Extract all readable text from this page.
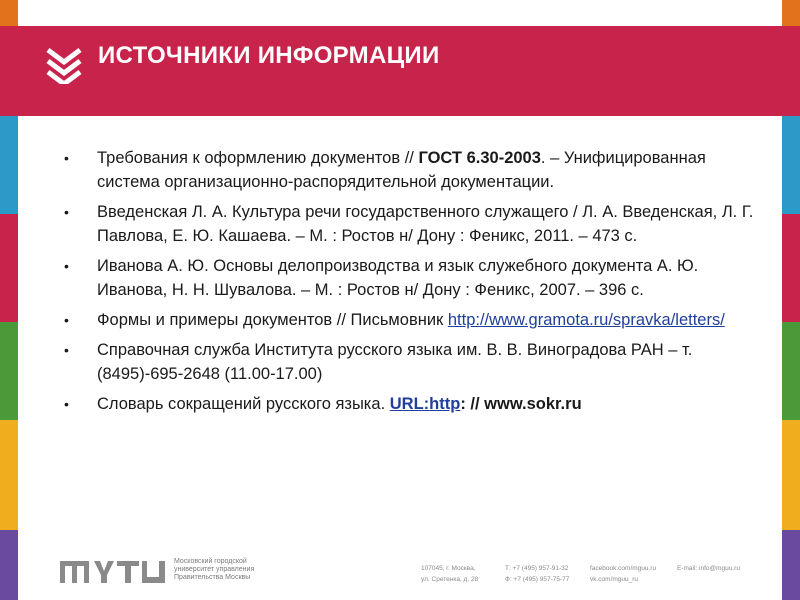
ИСТОЧНИКИ ИНФОРМАЦИИ
• Требования к оформлению документов // ГОСТ 6.30-2003. – Унифицированная система организационно-распорядительной документации.
• Введенская Л. А. Культура речи государственного служащего / Л. А. Введенская, Л. Г. Павлова, Е. Ю. Кашаева. – М. : Ростов н/ Дону : Феникс, 2011. – 473 с.
• Иванова А. Ю. Основы делопроизводства и язык служебного документа А. Ю. Иванова, Н. Н. Шувалова. – М. : Ростов н/ Дону : Феникс, 2007. – 396 с.
• Формы и примеры документов // Письмовник http://www.gramota.ru/spravka/letters/
• Справочная служба Института русского языка им. В. В. Виноградова РАН – т. (8495)-695-2648 (11.00-17.00)
• Словарь сокращений русского языка. URL:http: // www.sokr.ru
Московский городской
университет управления
Правительства Москвы
107045, г. Москва,
ул. Сретенка, д. 28
Т: +7 (495) 957-91-32
Ф: +7 (495) 957-75-77
facebook.com/mguu.ru
vk.com/mguu_ru
E-mail: info@mguu.ru
